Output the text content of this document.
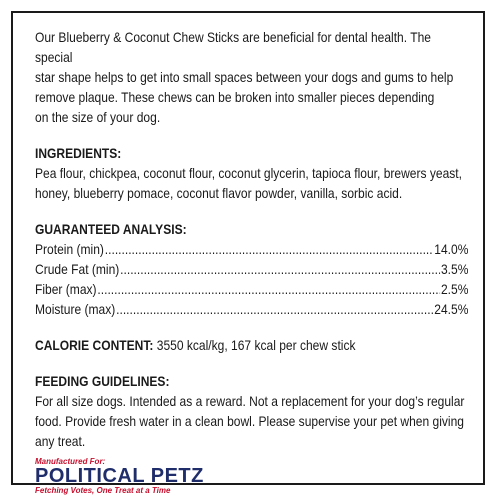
Our Blueberry & Coconut Chew Sticks are beneficial for dental health. The special

star shape helps to get into small spaces between your dogs and gums to help

remove plaque. These chews can be broken into smaller pieces depending

on the size of your dog.

INGREDIENTS:

Pea flour, chickpea, coconut flour, coconut glycerin, tapioca flour, brewers yeast,

honey, blueberry pomace, coconut flavor powder, vanilla, sorbic acid.

GUARANTEED ANALYSIS:

Protein (min) .....	14.0%
Crude Fat (min) .....	3.5%
Fiber (max) .....	2.5%
Moisture (max) .....	24.5%

CALORIE CONTENT: 3550 kcal/kg, 167 kcal per chew stick

FEEDING GUIDELINES:

For all size dogs. Intended as a reward. Not a replacement for your dog’s regular

food. Provide fresh water in a clean bowl. Please supervise your pet when giving

any treat.

Manufactured For:

POLITICAL PETZ

Fetching Votes, One Treat at a Time
